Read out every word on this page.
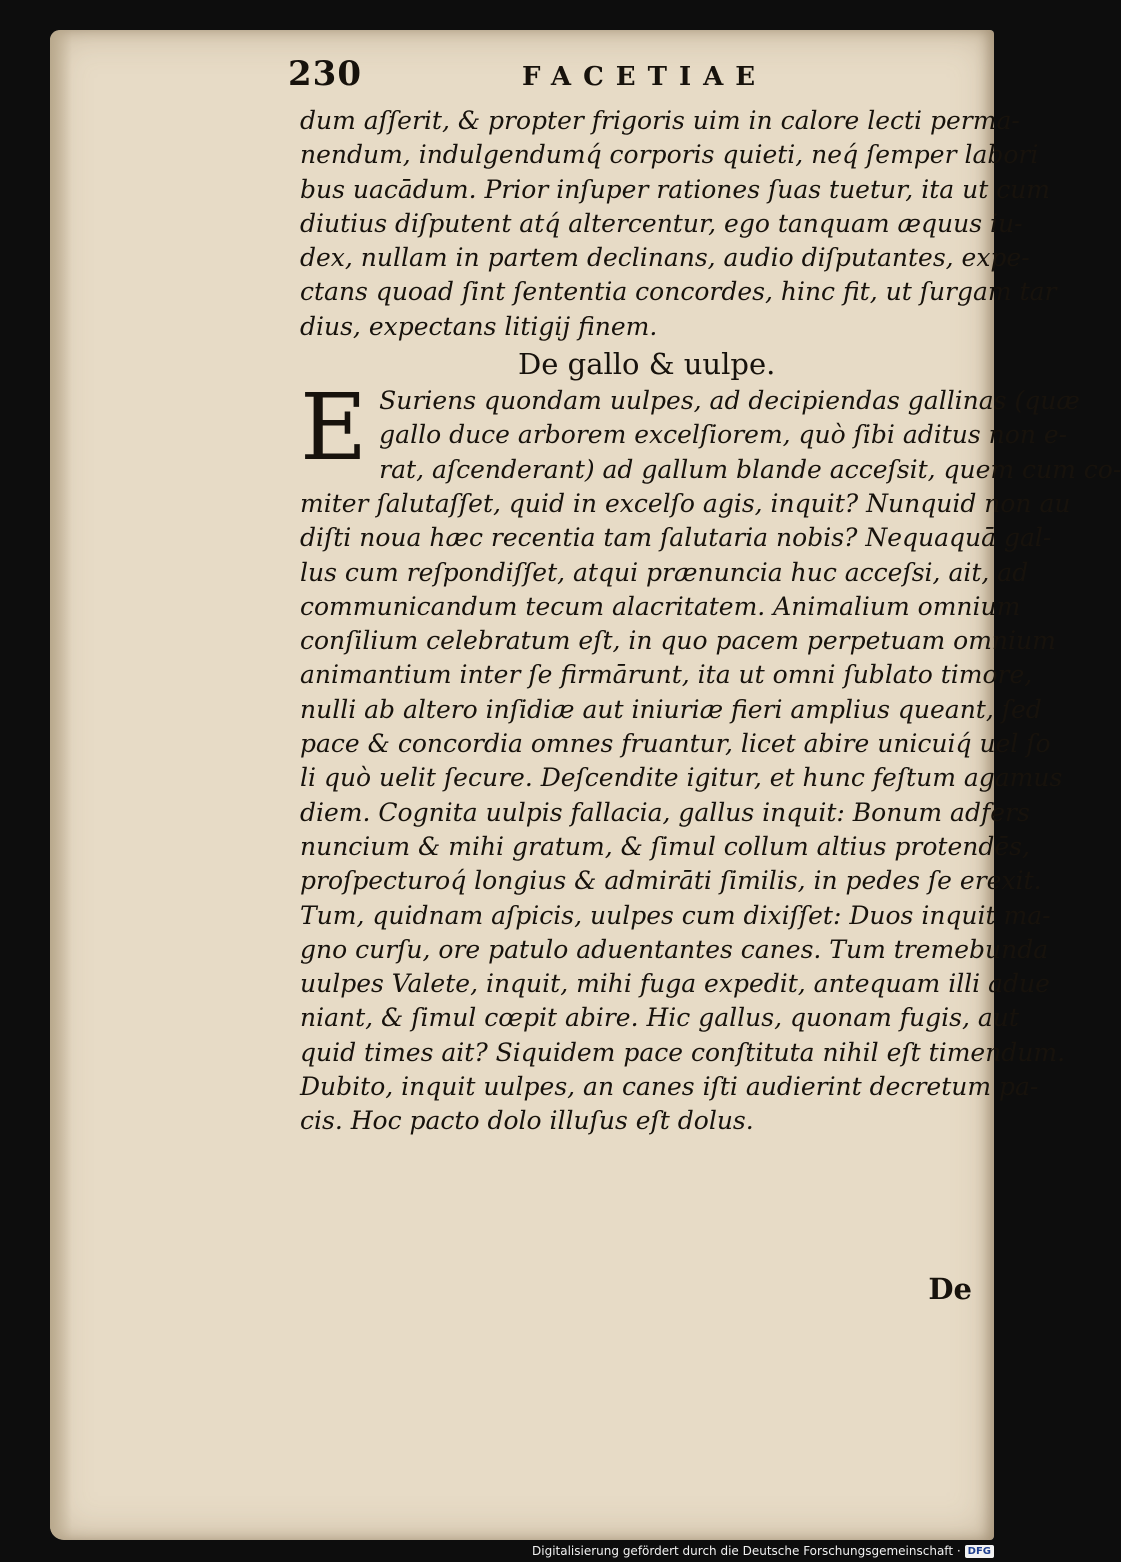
230	FACETIAE
dum aſſerit, & propter frigoris uim in calore lecti perma‐
nendum, indulgendumq́ corporis quieti, neq́ ſemper labori
bus uacādum. Prior inſuper rationes ſuas tuetur, ita ut cum
diutius diſputent atq́ altercentur, ego tanquam æquus iu‐
dex, nullam in partem declinans, audio diſputantes, expe‐
ctans quoad ſint ſententia concordes, hinc fit, ut ſurgam tar
dius, expectans litigij finem.
De gallo & uulpe.
E Suriens quondam uulpes, ad decipiendas gallinas (quæ
gallo duce arborem excelſiorem, quò ſibi aditus non e‐
rat, aſcenderant) ad gallum blande acceſsit, quem cum co‐
miter ſalutaſſet, quid in excelſo agis, inquit? Nunquid non au
diſti noua hæc recentia tam ſalutaria nobis? Nequaquā gal‐
lus cum reſpondiſſet, atqui prænuncia huc acceſsi, ait, ad
communicandum tecum alacritatem. Animalium omnium
conſilium celebratum eſt, in quo pacem perpetuam omnium
animantium inter ſe firmārunt, ita ut omni ſublato timore,
nulli ab altero inſidiæ aut iniuriæ fieri amplius queant, ſed
pace & concordia omnes fruantur, licet abire unicuiq́ uel ſo
li quò uelit ſecure. Deſcendite igitur, et hunc feſtum agamus
diem. Cognita uulpis fallacia, gallus inquit: Bonum adfers
nuncium & mihi gratum, & ſimul collum altius protendēs,
proſpecturoq́ longius & admirāti ſimilis, in pedes ſe erexit.
Tum, quidnam aſpicis, uulpes cum dixiſſet: Duos inquit ma‐
gno curſu, ore patulo aduentantes canes. Tum tremebunda
uulpes Valete, inquit, mihi fuga expedit, antequam illi adue
niant, & ſimul cœpit abire. Hic gallus, quonam fugis, aut
quid times ait? Siquidem pace conſtituta nihil eſt timendum.
Dubito, inquit uulpes, an canes iſti audierint decretum pa‐
cis. Hoc pacto dolo illuſus eſt dolus.
De
Digitalisierung gefördert durch die Deutsche Forschungsgemeinschaft · DFG
